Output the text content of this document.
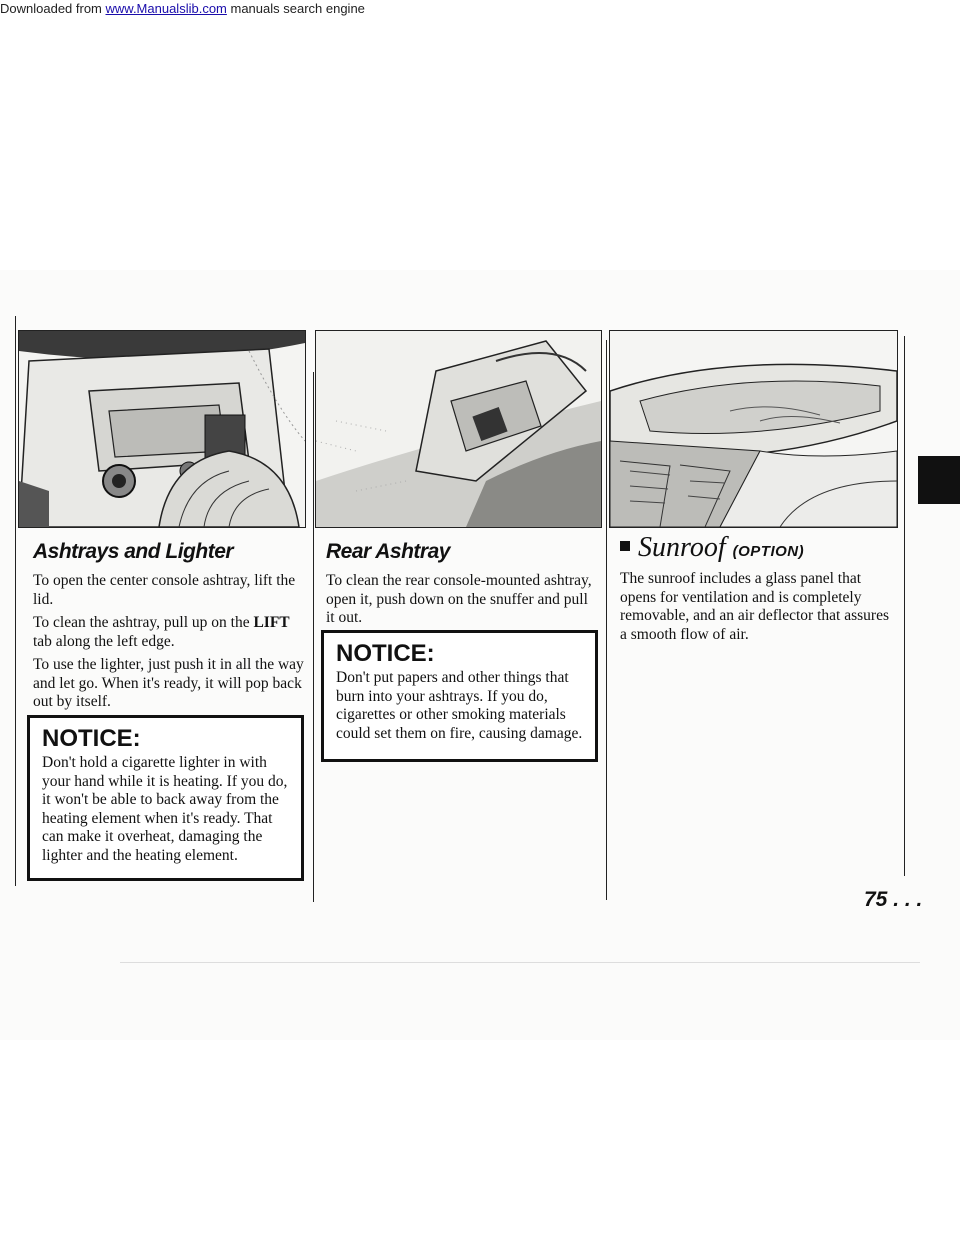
Downloaded from www.Manualslib.com manuals search engine
Ashtrays and Lighter

To open the center console ashtray, lift the lid.

To clean the ashtray, pull up on the LIFT tab along the left edge.

To use the lighter, just push it in all the way and let go. When it's ready, it will pop back out by itself.

NOTICE:
Don't hold a cigarette lighter in with your hand while it is heating. If you do, it won't be able to back away from the heating element when it's ready. That can make it overheat, damaging the lighter and the heating element.
Rear Ashtray

To clean the rear console-mounted ashtray, open it, push down on the snuffer and pull it out.

NOTICE:
Don't put papers and other things that burn into your ashtrays. If you do, cigarettes or other smoking materials could set them on fire, causing damage.
Sunroof (OPTION)

The sunroof includes a glass panel that opens for ventilation and is completely removable, and an air deflector that assures a smooth flow of air.

75 . . .
